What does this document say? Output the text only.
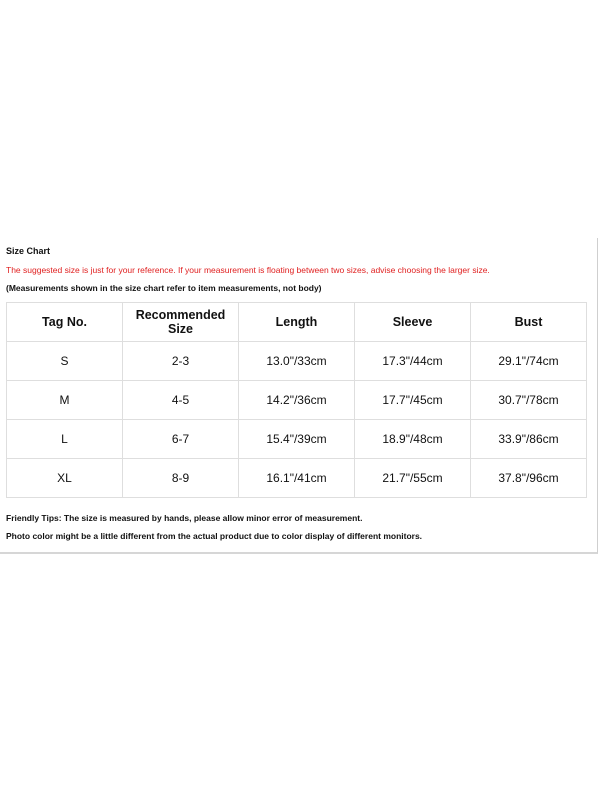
Size Chart
The suggested size is just for your reference. If your measurement is floating between two sizes, advise choosing the larger size.
(Measurements shown in the size chart refer to item measurements, not body)
Tag No.	Recommended Size	Length	Sleeve	Bust
S	2-3	13.0"/33cm	17.3"/44cm	29.1"/74cm
M	4-5	14.2"/36cm	17.7"/45cm	30.7"/78cm
L	6-7	15.4"/39cm	18.9"/48cm	33.9"/86cm
XL	8-9	16.1"/41cm	21.7"/55cm	37.8"/96cm
Friendly Tips: The size is measured by hands, please allow minor error of measurement.
Photo color might be a little different from the actual product due to color display of different monitors.
